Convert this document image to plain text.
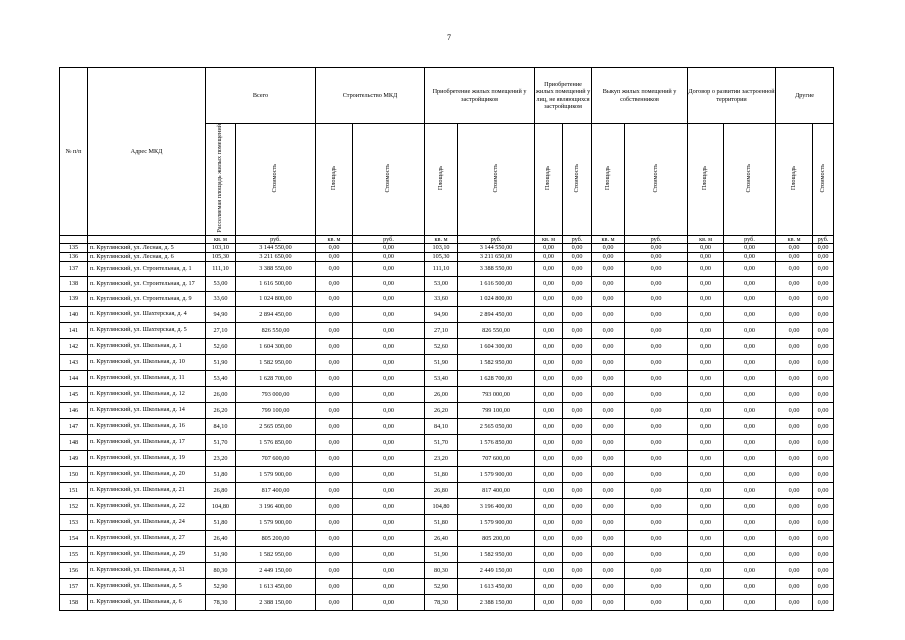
7
№ п/п	Адрес МКД	Всего		Строительство МКД		Приобретение жилых помещений у застройщиков		Приобретение жилых помещений у лиц, не являющихся застройщиком		Выкуп жилых помещений у собственников		Договор о развитии застроенной территории		Другие	
		Расселяемая площадь жилых помещений	Стоимость	Площадь	Стоимость	Площадь	Стоимость	Площадь	Стоимость	Площадь	Стоимость	Площадь	Стоимость	Площадь	Стоимость
		кв. м	руб.	кв. м	руб.	кв. м	руб.	кв. м	руб.	кв. м	руб.	кв. м	руб.	кв. м	руб.
135	п. Круглянский, ул. Лесная, д. 5	103,10	3 144 550,00	0,00	0,00	103,10	3 144 550,00	0,00	0,00	0,00	0,00	0,00	0,00	0,00	0,00
136	п. Круглянский, ул. Лесная, д. 6	105,30	3 211 650,00	0,00	0,00	105,30	3 211 650,00	0,00	0,00	0,00	0,00	0,00	0,00	0,00	0,00
137	п. Круглянский, ул. Строительная, д. 1	111,10	3 388 550,00	0,00	0,00	111,10	3 388 550,00	0,00	0,00	0,00	0,00	0,00	0,00	0,00	0,00
138	п. Круглянский, ул. Строительная, д. 17	53,00	1 616 500,00	0,00	0,00	53,00	1 616 500,00	0,00	0,00	0,00	0,00	0,00	0,00	0,00	0,00
139	п. Круглянский, ул. Строительная, д. 9	33,60	1 024 800,00	0,00	0,00	33,60	1 024 800,00	0,00	0,00	0,00	0,00	0,00	0,00	0,00	0,00
140	п. Круглянский, ул. Шахтерская, д. 4	94,90	2 894 450,00	0,00	0,00	94,90	2 894 450,00	0,00	0,00	0,00	0,00	0,00	0,00	0,00	0,00
141	п. Круглянский, ул. Шахтерская, д. 5	27,10	826 550,00	0,00	0,00	27,10	826 550,00	0,00	0,00	0,00	0,00	0,00	0,00	0,00	0,00
142	п. Круглянский, ул. Школьная, д. 1	52,60	1 604 300,00	0,00	0,00	52,60	1 604 300,00	0,00	0,00	0,00	0,00	0,00	0,00	0,00	0,00
143	п. Круглянский, ул. Школьная, д. 10	51,90	1 582 950,00	0,00	0,00	51,90	1 582 950,00	0,00	0,00	0,00	0,00	0,00	0,00	0,00	0,00
144	п. Круглянский, ул. Школьная, д. 11	53,40	1 628 700,00	0,00	0,00	53,40	1 628 700,00	0,00	0,00	0,00	0,00	0,00	0,00	0,00	0,00
145	п. Круглянский, ул. Школьная, д. 12	26,00	793 000,00	0,00	0,00	26,00	793 000,00	0,00	0,00	0,00	0,00	0,00	0,00	0,00	0,00
146	п. Круглянский, ул. Школьная, д. 14	26,20	799 100,00	0,00	0,00	26,20	799 100,00	0,00	0,00	0,00	0,00	0,00	0,00	0,00	0,00
147	п. Круглянский, ул. Школьная, д. 16	84,10	2 565 050,00	0,00	0,00	84,10	2 565 050,00	0,00	0,00	0,00	0,00	0,00	0,00	0,00	0,00
148	п. Круглянский, ул. Школьная, д. 17	51,70	1 576 850,00	0,00	0,00	51,70	1 576 850,00	0,00	0,00	0,00	0,00	0,00	0,00	0,00	0,00
149	п. Круглянский, ул. Школьная, д. 19	23,20	707 600,00	0,00	0,00	23,20	707 600,00	0,00	0,00	0,00	0,00	0,00	0,00	0,00	0,00
150	п. Круглянский, ул. Школьная, д. 20	51,80	1 579 900,00	0,00	0,00	51,80	1 579 900,00	0,00	0,00	0,00	0,00	0,00	0,00	0,00	0,00
151	п. Круглянский, ул. Школьная, д. 21	26,80	817 400,00	0,00	0,00	26,80	817 400,00	0,00	0,00	0,00	0,00	0,00	0,00	0,00	0,00
152	п. Круглянский, ул. Школьная, д. 22	104,80	3 196 400,00	0,00	0,00	104,80	3 196 400,00	0,00	0,00	0,00	0,00	0,00	0,00	0,00	0,00
153	п. Круглянский, ул. Школьная, д. 24	51,80	1 579 900,00	0,00	0,00	51,80	1 579 900,00	0,00	0,00	0,00	0,00	0,00	0,00	0,00	0,00
154	п. Круглянский, ул. Школьная, д. 27	26,40	805 200,00	0,00	0,00	26,40	805 200,00	0,00	0,00	0,00	0,00	0,00	0,00	0,00	0,00
155	п. Круглянский, ул. Школьная, д. 29	51,90	1 582 950,00	0,00	0,00	51,90	1 582 950,00	0,00	0,00	0,00	0,00	0,00	0,00	0,00	0,00
156	п. Круглянский, ул. Школьная, д. 31	80,30	2 449 150,00	0,00	0,00	80,30	2 449 150,00	0,00	0,00	0,00	0,00	0,00	0,00	0,00	0,00
157	п. Круглянский, ул. Школьная, д. 5	52,90	1 613 450,00	0,00	0,00	52,90	1 613 450,00	0,00	0,00	0,00	0,00	0,00	0,00	0,00	0,00
158	п. Круглянский, ул. Школьная, д. 6	78,30	2 388 150,00	0,00	0,00	78,30	2 388 150,00	0,00	0,00	0,00	0,00	0,00	0,00	0,00	0,00
